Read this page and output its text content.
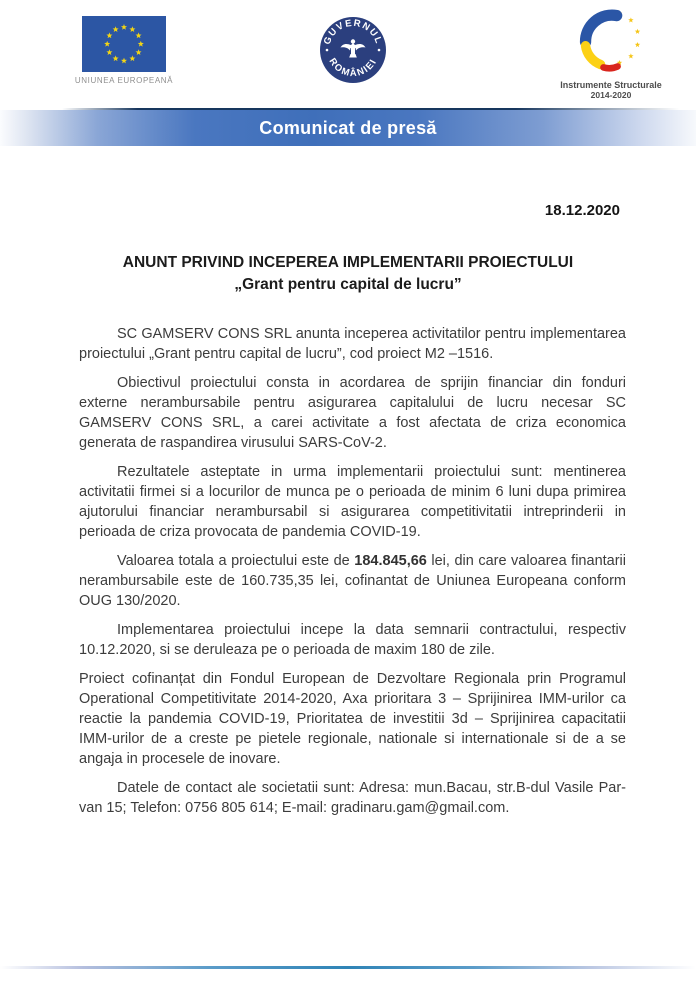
UNIUNEA EUROPEANĂ
GUVERNUL
ROMÂNIEI
Instrumente Structurale
2014-2020
Comunicat de presă
18.12.2020
ANUNT PRIVIND INCEPEREA IMPLEMENTARII PROIECTULUI
„Grant pentru capital de lucru”

SC GAMSERV CONS SRL anunta inceperea activitatilor pentru implementarea proiectului „Grant pentru capital de lucru”, cod proiect M2 –1516.

Obiectivul proiectului consta in acordarea de sprijin financiar din fonduri externe nerambursabile pentru asigurarea capitalului de lucru necesar SC GAMSERV CONS SRL, a carei activitate a fost afectata de criza economica generata de raspandirea virusului SARS-CoV-2.

Rezultatele asteptate in urma implementarii proiectului sunt: mentinerea activitatii firmei si a locurilor de munca pe o perioada de minim 6 luni dupa primirea ajutorului financiar nerambursabil si asigurarea competitivitatii intreprinderii in perioada de criza provocata de pandemia COVID-19.

Valoarea totala a proiectului este de 184.845,66 lei, din care valoarea finantarii nerambursabile este de 160.735,35 lei, cofinantat de Uniunea Europeana conform OUG 130/2020.

Implementarea proiectului incepe la data semnarii contractului, respectiv 10.12.2020, si se deruleaza pe o perioada de maxim 180 de zile.

Proiect cofinanțat din Fondul European de Dezvoltare Regionala prin Programul Operational Competitivitate 2014-2020, Axa prioritara 3 – Sprijinirea IMM-urilor ca reactie la pandemia COVID-19, Prioritatea de investitii 3d – Sprijinirea capacitatii IMM-urilor de a creste pe pietele regionale, nationale si internationale si de a se angaja in procesele de inovare.

Datele de contact ale societatii sunt: Adresa: mun.Bacau, str.B-dul Vasile Par-van 15; Telefon: 0756 805 614; E-mail: gradinaru.gam@gmail.com.
